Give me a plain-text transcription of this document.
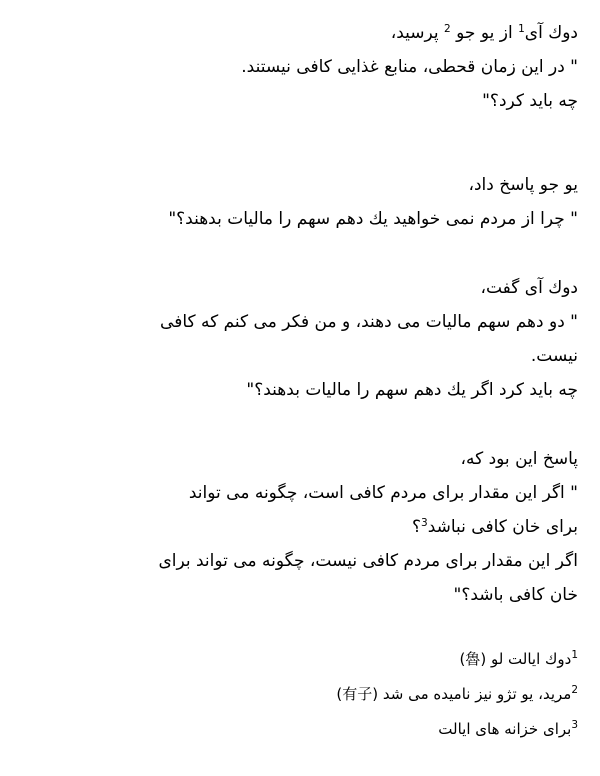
دوك آى$^1$ از يو جو $^2$ پرسيد،
" در اين زمان قحطى، منابع غذايى كافى نيستند.
چه بايد كرد؟"
يو جو پاسخ داد،
" چرا از مردم نمى خواهيد يك دهم سهم را ماليات بدهند؟"
دوك آى گفت،
" دو دهم سهم ماليات مى دهند، و من فكر مى كنم كه كافى
نيست.
چه بايد كرد اگر يك دهم سهم را ماليات بدهند؟"
پاسخ اين بود كه،
" اگر اين مقدار براى مردم كافى است، چگونه مى تواند
براى خان كافى نباشد$^3$؟
اگر اين مقدار براى مردم كافى نيست، چگونه مى تواند براى
خان كافى باشد؟"
$^1$دوك ايالت لو (魯)
$^2$مريد، يو تژو نيز ناميده مى شد (有子)
$^3$براى خزانه هاى ايالت
